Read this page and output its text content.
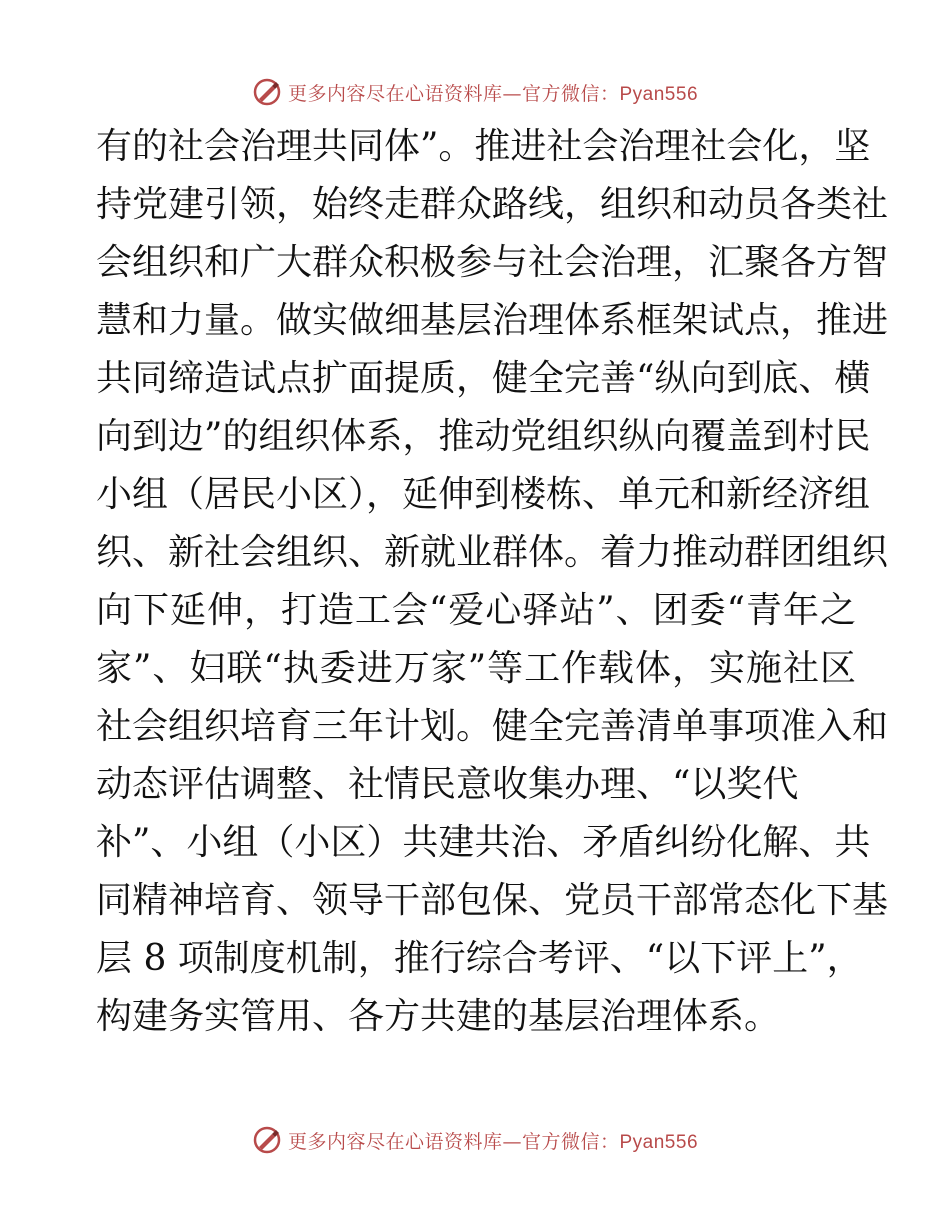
更多内容尽在心语资料库—官方微信：Pyan556
有的社会治理共同体”。推进社会治理社会化，坚
持党建引领，始终走群众路线，组织和动员各类社
会组织和广大群众积极参与社会治理，汇聚各方智
慧和力量。做实做细基层治理体系框架试点，推进
共同缔造试点扩面提质，健全完善“纵向到底、横
向到边”的组织体系，推动党组织纵向覆盖到村民
小组（居民小区），延伸到楼栋、单元和新经济组
织、新社会组织、新就业群体。着力推动群团组织
向下延伸，打造工会“爱心驿站”、团委“青年之
家”、妇联“执委进万家”等工作载体，实施社区
社会组织培育三年计划。健全完善清单事项准入和
动态评估调整、社情民意收集办理、“以奖代
补”、小组（小区）共建共治、矛盾纠纷化解、共
同精神培育、领导干部包保、党员干部常态化下基
层 8 项制度机制，推行综合考评、“以下评上”，
构建务实管用、各方共建的基层治理体系。
更多内容尽在心语资料库—官方微信：Pyan556
